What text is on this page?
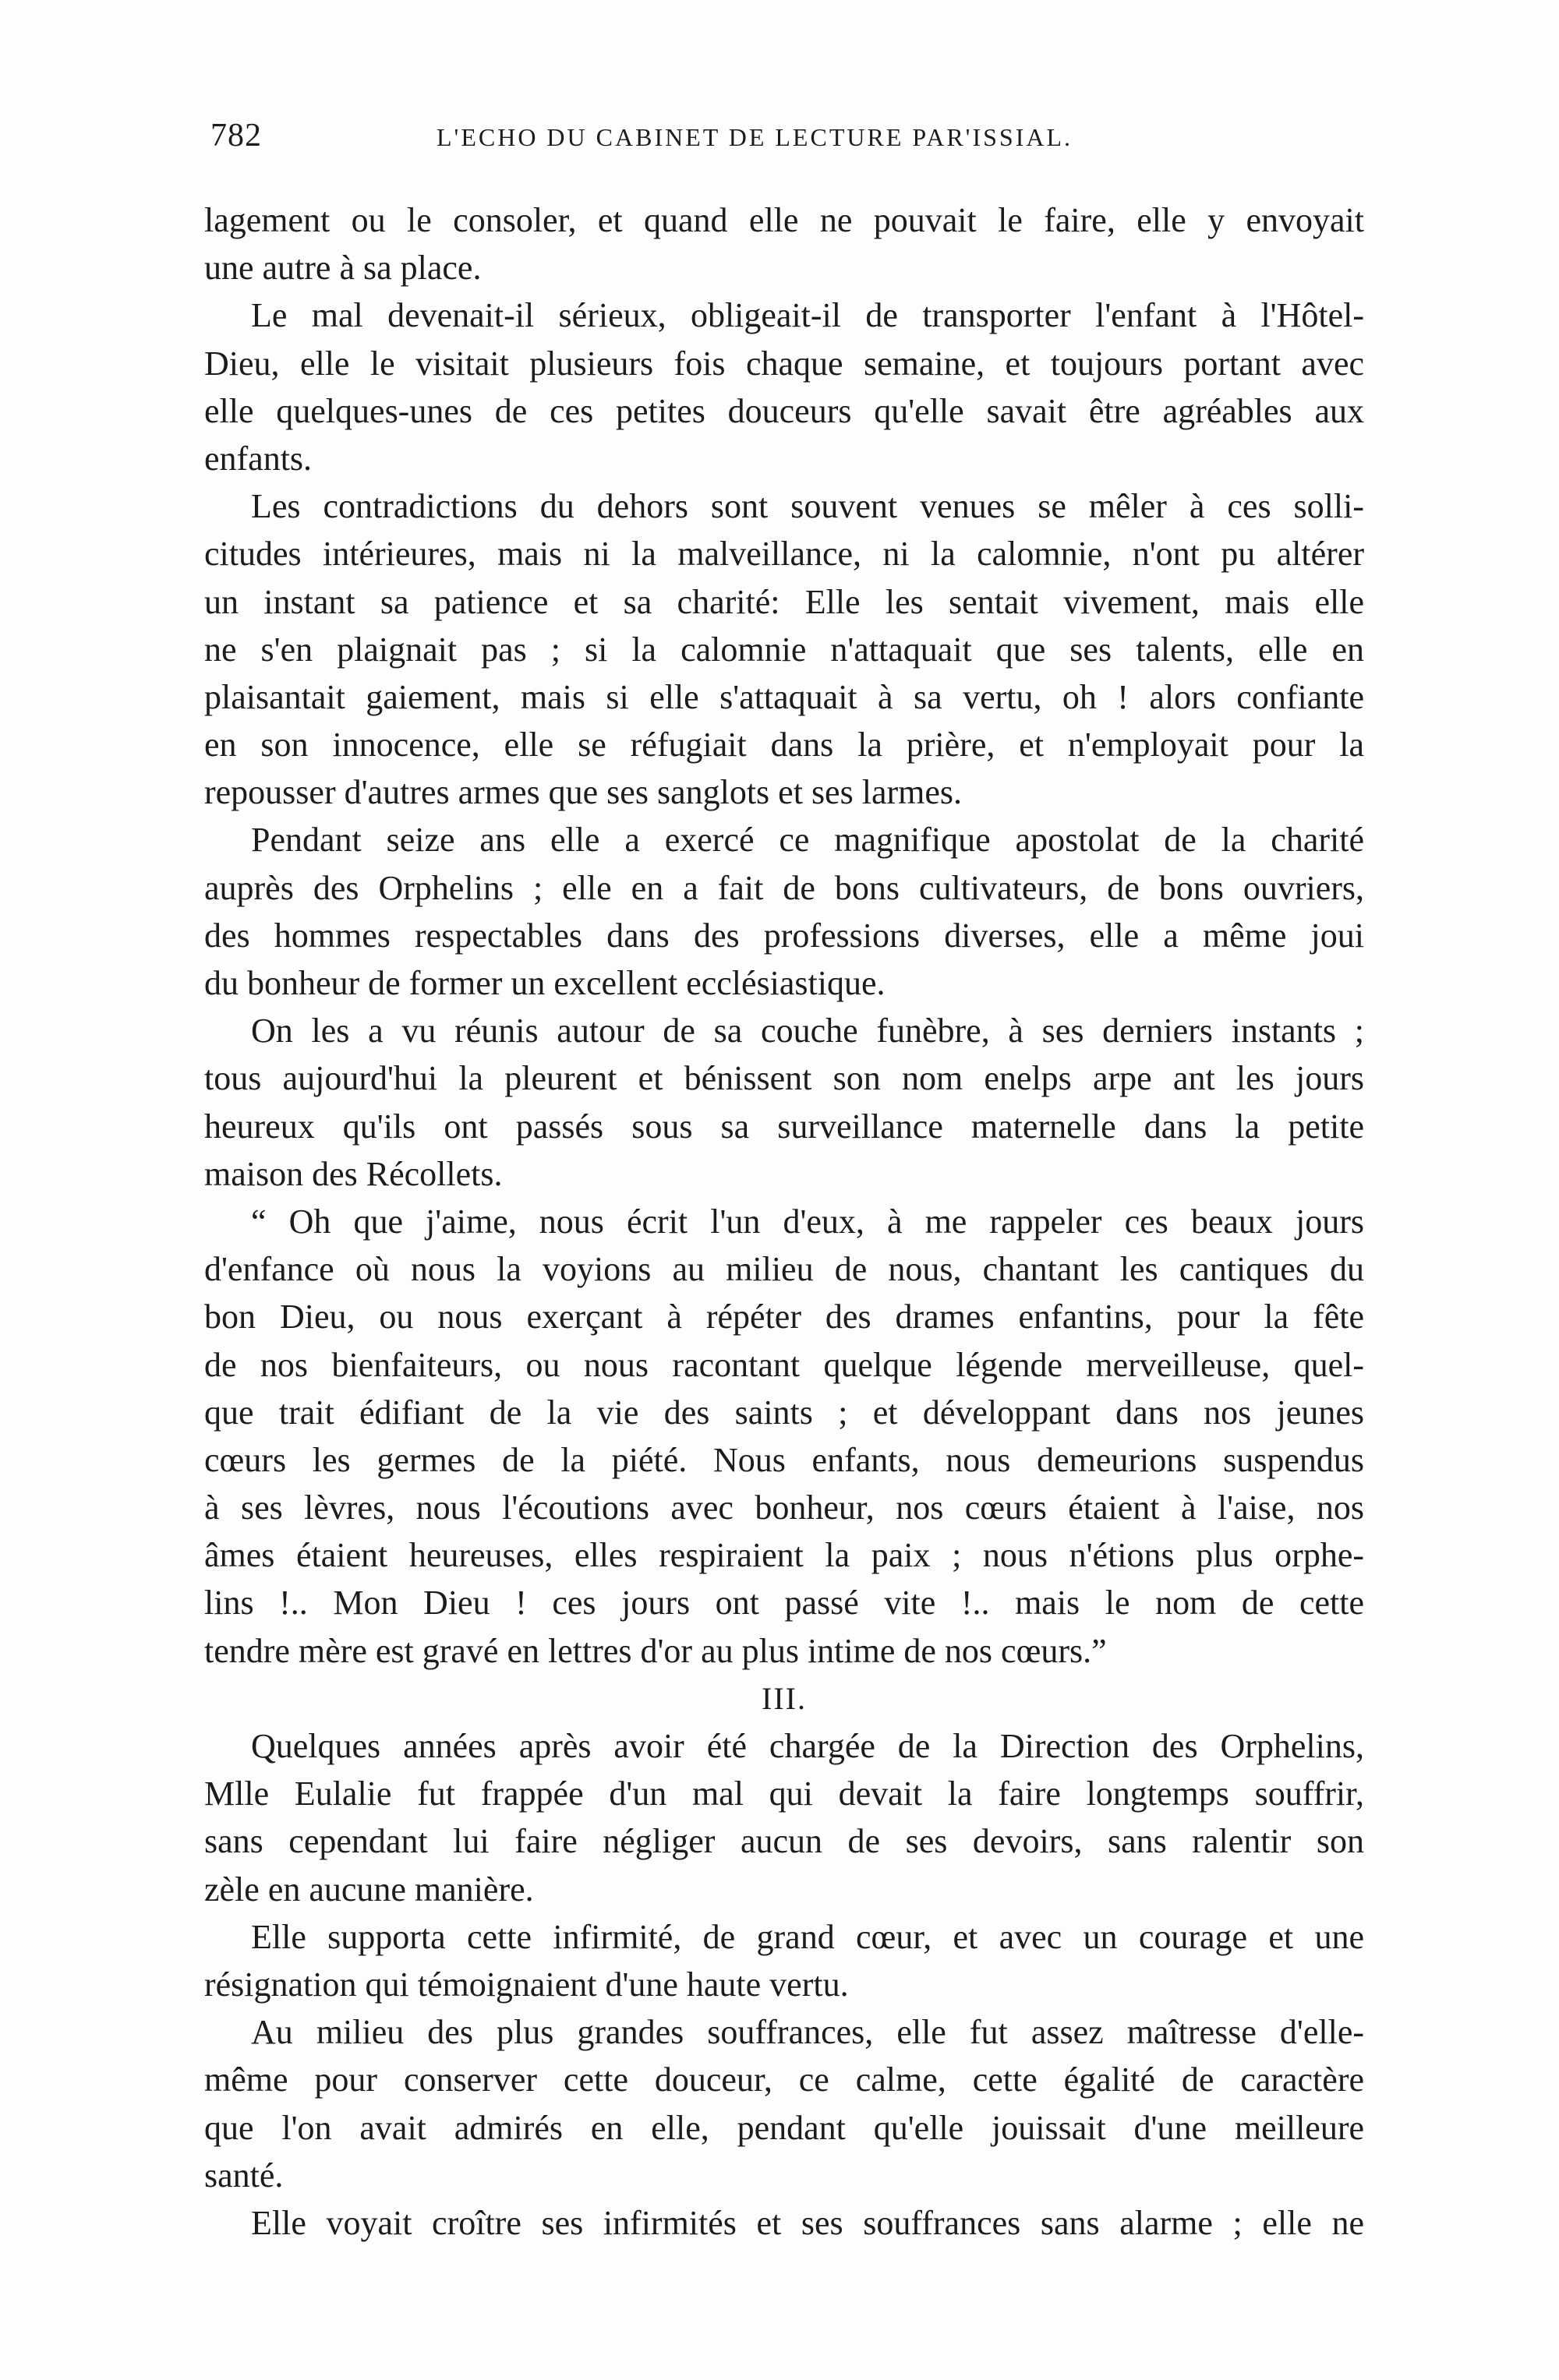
782	L'ECHO DU CABINET DE LECTURE PAR'ISSIAL.
lagement ou le consoler, et quand elle ne pouvait le faire, elle y envoyait
une autre à sa place.
Le mal devenait-il sérieux, obligeait-il de transporter l'enfant à l'Hôtel-
Dieu, elle le visitait plusieurs fois chaque semaine, et toujours portant avec
elle quelques-unes de ces petites douceurs qu'elle savait être agréables aux
enfants.
Les contradictions du dehors sont souvent venues se mêler à ces solli-
citudes intérieures, mais ni la malveillance, ni la calomnie, n'ont pu altérer
un instant sa patience et sa charité: Elle les sentait vivement, mais elle
ne s'en plaignait pas ; si la calomnie n'attaquait que ses talents, elle en
plaisantait gaiement, mais si elle s'attaquait à sa vertu, oh ! alors confiante
en son innocence, elle se réfugiait dans la prière, et n'employait pour la
repousser d'autres armes que ses sanglots et ses larmes.
Pendant seize ans elle a exercé ce magnifique apostolat de la charité
auprès des Orphelins ; elle en a fait de bons cultivateurs, de bons ouvriers,
des hommes respectables dans des professions diverses, elle a même joui
du bonheur de former un excellent ecclésiastique.
On les a vu réunis autour de sa couche funèbre, à ses derniers instants ;
tous aujourd'hui la pleurent et bénissent son nom enelps arpe ant les jours
heureux qu'ils ont passés sous sa surveillance maternelle dans la petite
maison des Récollets.
“ Oh que j'aime, nous écrit l'un d'eux, à me rappeler ces beaux jours
d'enfance où nous la voyions au milieu de nous, chantant les cantiques du
bon Dieu, ou nous exerçant à répéter des drames enfantins, pour la fête
de nos bienfaiteurs, ou nous racontant quelque légende merveilleuse, quel-
que trait édifiant de la vie des saints ; et développant dans nos jeunes
cœurs les germes de la piété. Nous enfants, nous demeurions suspendus
à ses lèvres, nous l'écoutions avec bonheur, nos cœurs étaient à l'aise, nos
âmes étaient heureuses, elles respiraient la paix ; nous n'étions plus orphe-
lins !.. Mon Dieu ! ces jours ont passé vite !.. mais le nom de cette
tendre mère est gravé en lettres d'or au plus intime de nos cœurs.”
III.
Quelques années après avoir été chargée de la Direction des Orphelins,
Mlle Eulalie fut frappée d'un mal qui devait la faire longtemps souffrir,
sans cependant lui faire négliger aucun de ses devoirs, sans ralentir son
zèle en aucune manière.
Elle supporta cette infirmité, de grand cœur, et avec un courage et une
résignation qui témoignaient d'une haute vertu.
Au milieu des plus grandes souffrances, elle fut assez maîtresse d'elle-
même pour conserver cette douceur, ce calme, cette égalité de caractère
que l'on avait admirés en elle, pendant qu'elle jouissait d'une meilleure
santé.
Elle voyait croître ses infirmités et ses souffrances sans alarme ; elle ne
